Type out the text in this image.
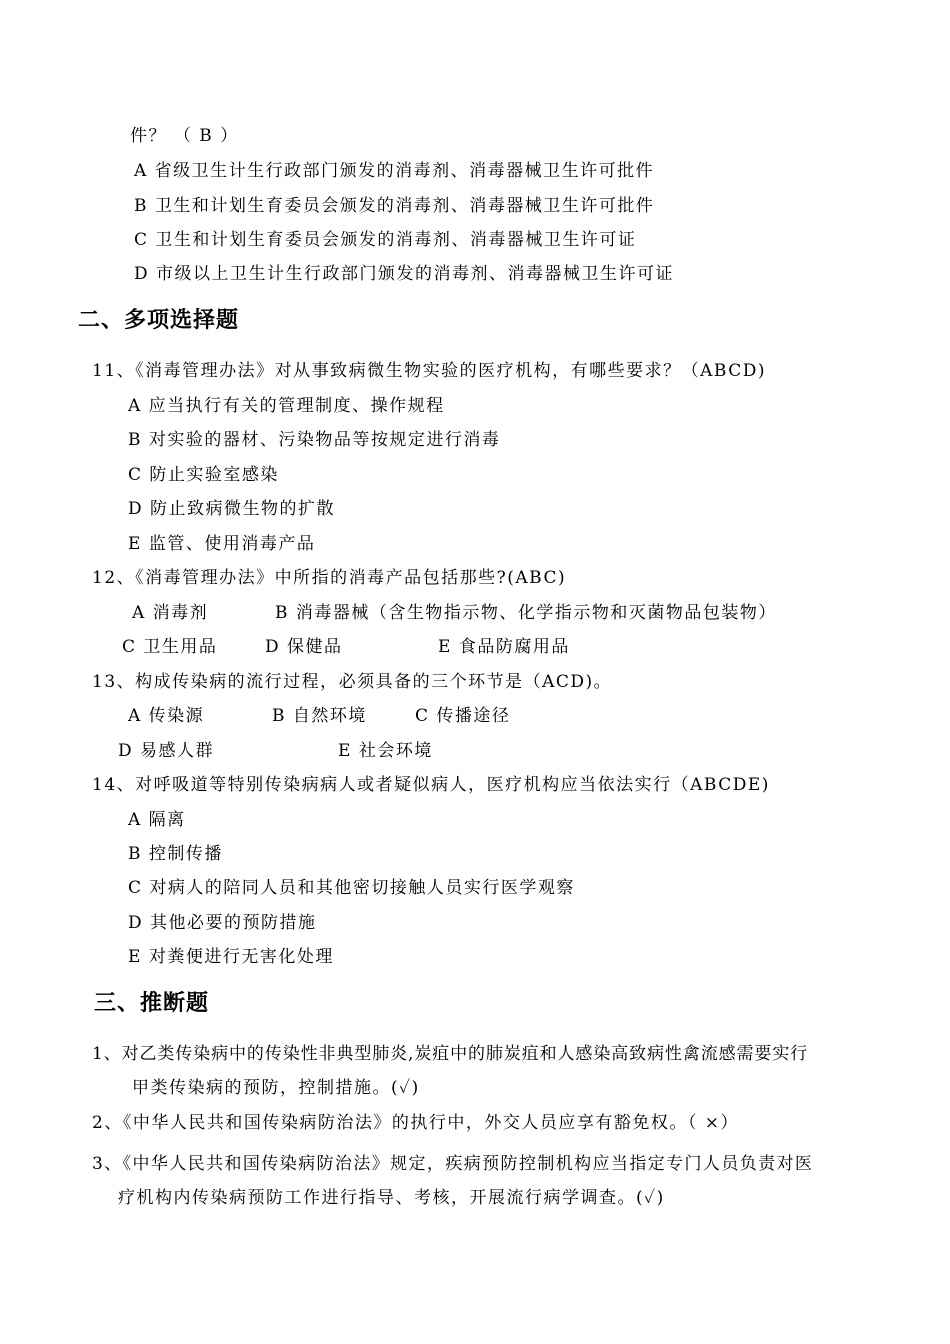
件？ （ B ）
A 省级卫生计生行政部门颁发的消毒剂、消毒器械卫生许可批件
B 卫生和计划生育委员会颁发的消毒剂、消毒器械卫生许可批件
C 卫生和计划生育委员会颁发的消毒剂、消毒器械卫生许可证
D 市级以上卫生计生行政部门颁发的消毒剂、消毒器械卫生许可证
二、多项选择题
11、《消毒管理办法》对从事致病微生物实验的医疗机构，有哪些要求？（ABCD)
A 应当执行有关的管理制度、操作规程
B 对实验的器材、污染物品等按规定进行消毒
C 防止实验室感染
D 防止致病微生物的扩散
E 监管、使用消毒产品
12、《消毒管理办法》中所指的消毒产品包括那些?(ABC)
A 消毒剂	B 消毒器械（含生物指示物、化学指示物和灭菌物品包装物）
C 卫生用品	D 保健品	E 食品防腐用品
13、构成传染病的流行过程，必须具备的三个环节是（ACD)。
A 传染源	B 自然环境	C 传播途径
D 易感人群	E 社会环境
14、对呼吸道等特别传染病病人或者疑似病人，医疗机构应当依法实行（ABCDE)
A 隔离
B 控制传播
C 对病人的陪同人员和其他密切接触人员实行医学观察
D 其他必要的预防措施
E 对粪便进行无害化处理
三、推断题
1、对乙类传染病中的传染性非典型肺炎,炭疽中的肺炭疽和人感染高致病性禽流感需要实行
甲类传染病的预防，控制措施。(✓)
2、《中华人民共和国传染病防治法》的执行中，外交人员应享有豁免权。（ ×）
3、《中华人民共和国传染病防治法》规定，疾病预防控制机构应当指定专门人员负责对医
疗机构内传染病预防工作进行指导、考核，开展流行病学调查。(✓)
